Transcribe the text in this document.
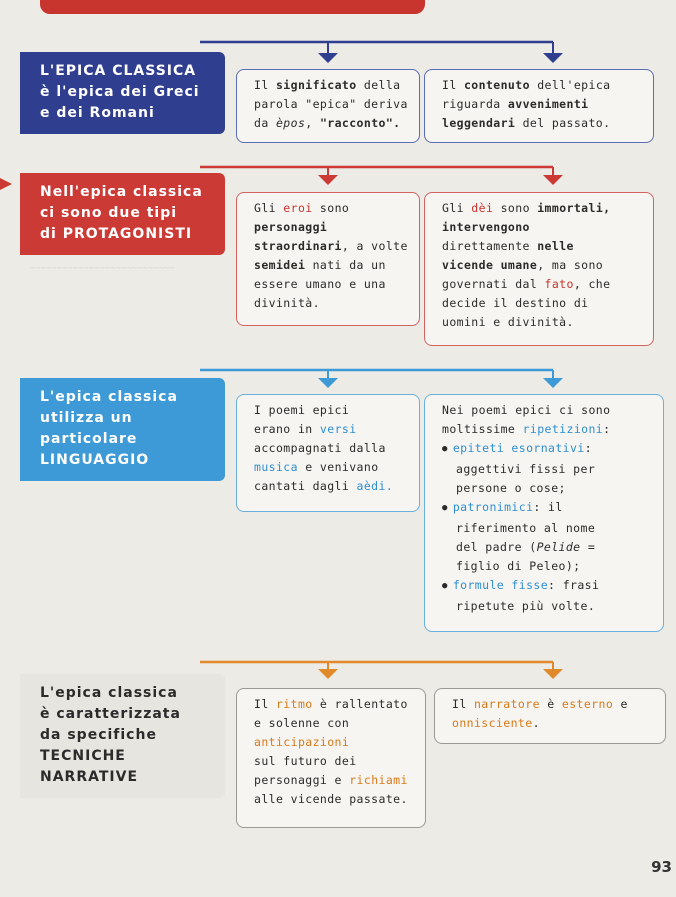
~~~~~~~~~~~~~~~~~~~~~~~~~~~
L'EPICA CLASSICA
è l'epica dei Greci
e dei Romani
Il significato della
parola "epica" deriva
da èpos, "racconto".
Il contenuto dell'epica
riguarda avvenimenti
leggendari del passato.
Nell'epica classica
ci sono due tipi
di PROTAGONISTI
Gli eroi sono
personaggi
straordinari, a volte
semidei nati da un
essere umano e una
divinità.
Gli dèi sono immortali,
intervengono
direttamente nelle
vicende umane, ma sono
governati dal fato, che
decide il destino di
uomini e divinità.
L'epica classica
utilizza un
particolare
LINGUAGGIO
I poemi epici
erano in versi
accompagnati dalla
musica e venivano
cantati dagli aèdi.
Nei poemi epici ci sono
moltissime ripetizioni:
● epiteti esornativi:
aggettivi fissi per
persone o cose;
● patronimici: il
riferimento al nome
del padre (Pelide =
figlio di Peleo);
● formule fisse: frasi
ripetute più volte.
L'epica classica
è caratterizzata
da specifiche
TECNICHE
NARRATIVE
Il ritmo è rallentato
e solenne con
anticipazioni
sul futuro dei
personaggi e richiami
alle vicende passate.
Il narratore è esterno e
onnisciente.
93
